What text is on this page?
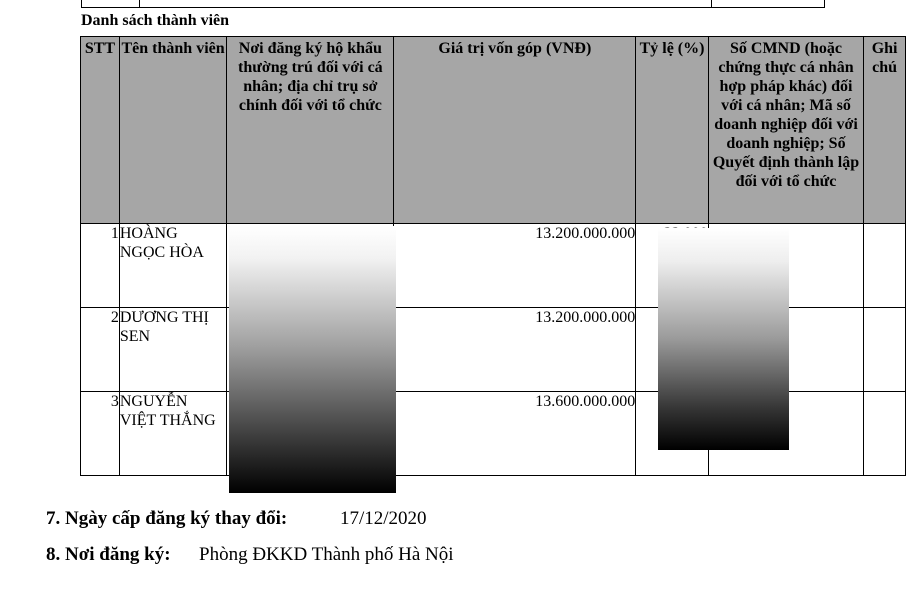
Danh sách thành viên
STT	Tên thành viên	Nơi đăng ký hộ khẩu thường trú đối với cá nhân; địa chỉ trụ sở chính đối với tổ chức	Giá trị vốn góp (VNĐ)	Tỷ lệ (%)	Số CMND (hoặc chứng thực cá nhân hợp pháp khác) đối với cá nhân; Mã số doanh nghiệp đối với doanh nghiệp; Số Quyết định thành lập đối với tổ chức	Ghi chú
1	HOÀNG NGỌC HÒA		13.200.000.000			
2	DƯƠNG THỊ SEN		13.200.000.000			
3	NGUYỄN VIỆT THẮNG		13.600.000.000			
7. Ngày cấp đăng ký thay đổi:	17/12/2020
8. Nơi đăng ký: Phòng ĐKKD Thành phố Hà Nội
